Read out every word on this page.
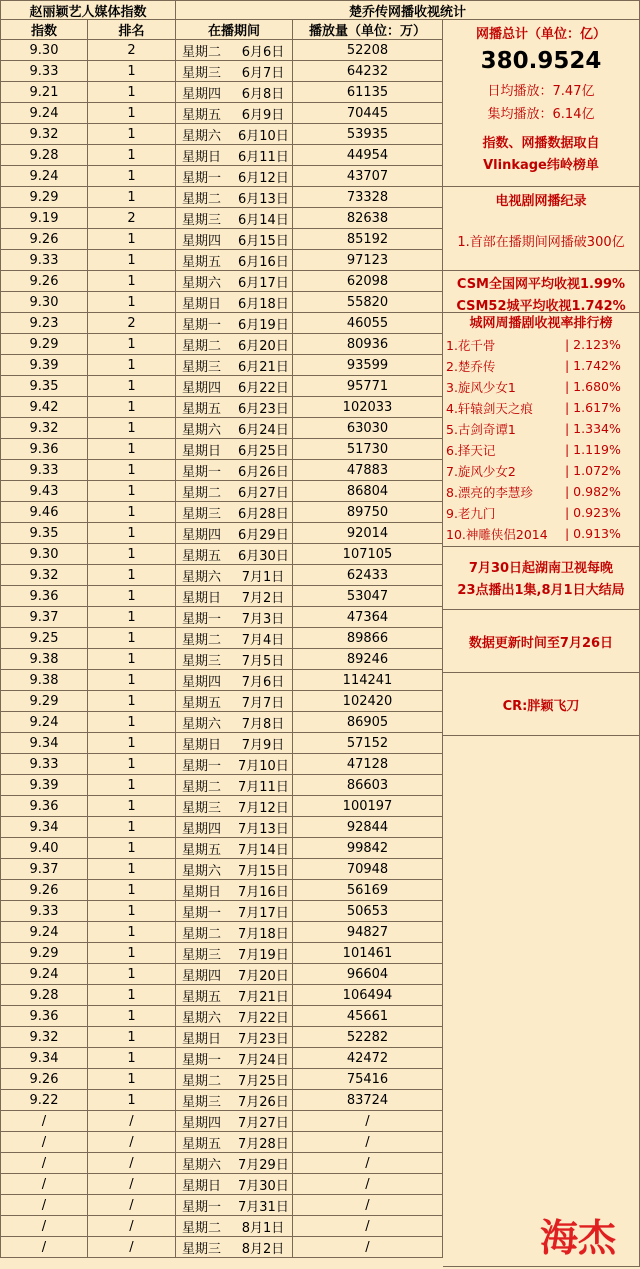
赵丽颖艺人媒体指数	楚乔传网播收视统计
指数	排名	在播期间	播放量（单位：万）
9.30	2	星期二	6月6日	52208
9.33	1	星期三	6月7日	64232
9.21	1	星期四	6月8日	61135
9.24	1	星期五	6月9日	70445
9.32	1	星期六	6月10日	53935
9.28	1	星期日	6月11日	44954
9.24	1	星期一	6月12日	43707
9.29	1	星期二	6月13日	73328
9.19	2	星期三	6月14日	82638
9.26	1	星期四	6月15日	85192
9.33	1	星期五	6月16日	97123
9.26	1	星期六	6月17日	62098
9.30	1	星期日	6月18日	55820
9.23	2	星期一	6月19日	46055
9.29	1	星期二	6月20日	80936
9.39	1	星期三	6月21日	93599
9.35	1	星期四	6月22日	95771
9.42	1	星期五	6月23日	102033
9.32	1	星期六	6月24日	63030
9.36	1	星期日	6月25日	51730
9.33	1	星期一	6月26日	47883
9.43	1	星期二	6月27日	86804
9.46	1	星期三	6月28日	89750
9.35	1	星期四	6月29日	92014
9.30	1	星期五	6月30日	107105
9.32	1	星期六	7月1日	62433
9.36	1	星期日	7月2日	53047
9.37	1	星期一	7月3日	47364
9.25	1	星期二	7月4日	89866
9.38	1	星期三	7月5日	89246
9.38	1	星期四	7月6日	114241
9.29	1	星期五	7月7日	102420
9.24	1	星期六	7月8日	86905
9.34	1	星期日	7月9日	57152
9.33	1	星期一	7月10日	47128
9.39	1	星期二	7月11日	86603
9.36	1	星期三	7月12日	100197
9.34	1	星期四	7月13日	92844
9.40	1	星期五	7月14日	99842
9.37	1	星期六	7月15日	70948
9.26	1	星期日	7月16日	56169
9.33	1	星期一	7月17日	50653
9.24	1	星期二	7月18日	94827
9.29	1	星期三	7月19日	101461
9.24	1	星期四	7月20日	96604
9.28	1	星期五	7月21日	106494
9.36	1	星期六	7月22日	45661
9.32	1	星期日	7月23日	52282
9.34	1	星期一	7月24日	42472
9.26	1	星期二	7月25日	75416
9.22	1	星期三	7月26日	83724
/	/	星期四	7月27日	/
/	/	星期五	7月28日	/
/	/	星期六	7月29日	/
/	/	星期日	7月30日	/
/	/	星期一	7月31日	/
/	/	星期二	8月1日	/
/	/	星期三	8月2日	/
网播总计（单位：亿）
380.9524
日均播放：7.47亿
集均播放：6.14亿
指数、网播数据取自
Vlinkage纬岭榜单
电视剧网播纪录
1.首部在播期间网播破300亿
CSM全国网平均收视1.99%
CSM52城平均收视1.742%
城网周播剧收视率排行榜
1.花千骨	| 2.123%
2.楚乔传	| 1.742%
3.旋风少女1	| 1.680%
4.轩辕剑天之痕	| 1.617%
5.古剑奇谭1	| 1.334%
6.择天记	| 1.119%
7.旋风少女2	| 1.072%
8.漂亮的李慧珍	| 0.982%
9.老九门	| 0.923%
10.神雕侠侣2014	| 0.913%
7月30日起湖南卫视每晚
23点播出1集,8月1日大结局
数据更新时间至7月26日
CR:胖颖飞刀
海杰
